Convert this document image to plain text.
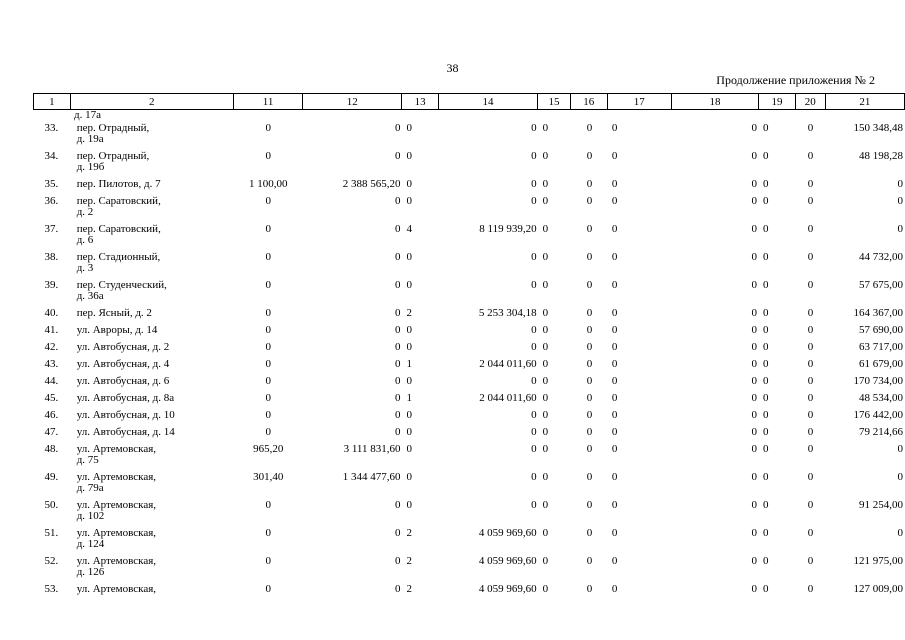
38
Продолжение приложения № 2
1	2	11	12	13	14	15	16	17	18	19	20	21
д. 17а
33.	пер. Отрадный,
д. 19а	0	0	0	0	0	0	0	0	0	0	150 348,48
34.	пер. Отрадный,
д. 19б	0	0	0	0	0	0	0	0	0	0	48 198,28
35.	пер. Пилотов, д. 7	1 100,00	2 388 565,20	0	0	0	0	0	0	0	0	0
36.	пер. Саратовский,
д. 2	0	0	0	0	0	0	0	0	0	0	0
37.	пер. Саратовский,
д. 6	0	0	4	8 119 939,20	0	0	0	0	0	0	0
38.	пер. Стадионный,
д. 3	0	0	0	0	0	0	0	0	0	0	44 732,00
39.	пер. Студенческий,
д. 36а	0	0	0	0	0	0	0	0	0	0	57 675,00
40.	пер. Ясный, д. 2	0	0	2	5 253 304,18	0	0	0	0	0	0	164 367,00
41.	ул. Авроры, д. 14	0	0	0	0	0	0	0	0	0	0	57 690,00
42.	ул. Автобусная, д. 2	0	0	0	0	0	0	0	0	0	0	63 717,00
43.	ул. Автобусная, д. 4	0	0	1	2 044 011,60	0	0	0	0	0	0	61 679,00
44.	ул. Автобусная, д. 6	0	0	0	0	0	0	0	0	0	0	170 734,00
45.	ул. Автобусная, д. 8а	0	0	1	2 044 011,60	0	0	0	0	0	0	48 534,00
46.	ул. Автобусная, д. 10	0	0	0	0	0	0	0	0	0	0	176 442,00
47.	ул. Автобусная, д. 14	0	0	0	0	0	0	0	0	0	0	79 214,66
48.	ул. Артемовская,
д. 75	965,20	3 111 831,60	0	0	0	0	0	0	0	0	0
49.	ул. Артемовская,
д. 79а	301,40	1 344 477,60	0	0	0	0	0	0	0	0	0
50.	ул. Артемовская,
д. 102	0	0	0	0	0	0	0	0	0	0	91 254,00
51.	ул. Артемовская,
д. 124	0	0	2	4 059 969,60	0	0	0	0	0	0	0
52.	ул. Артемовская,
д. 126	0	0	2	4 059 969,60	0	0	0	0	0	0	121 975,00
53.	ул. Артемовская,	0	0	2	4 059 969,60	0	0	0	0	0	0	127 009,00
